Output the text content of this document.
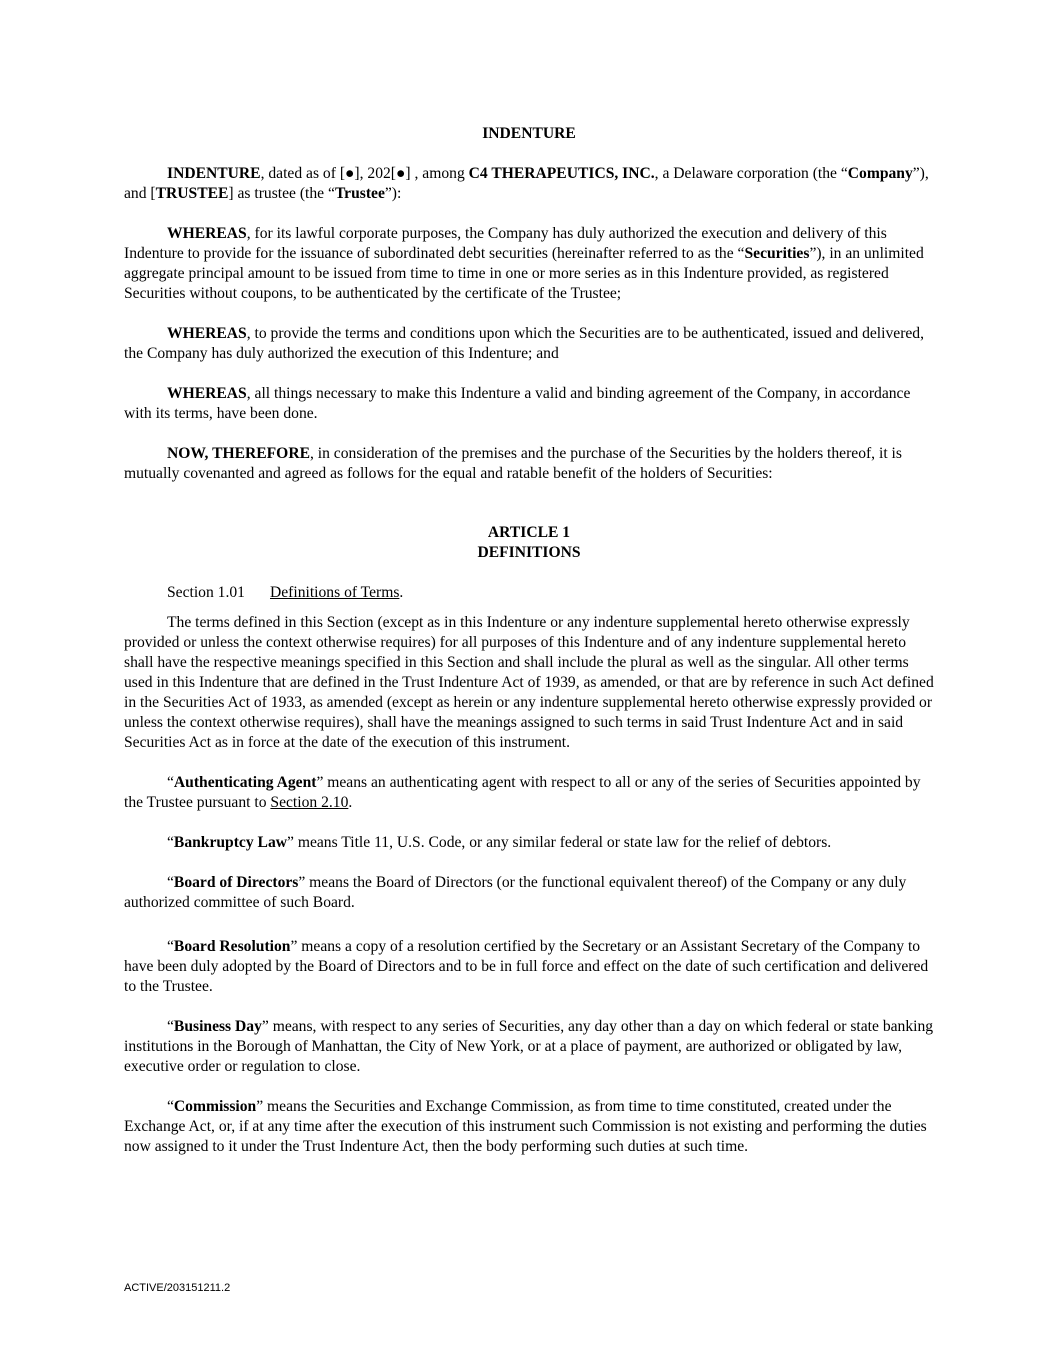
INDENTURE

INDENTURE, dated as of [●], 202[●] , among C4 THERAPEUTICS, INC., a Delaware corporation (the “Company”), and [TRUSTEE] as trustee (the “Trustee”):

WHEREAS, for its lawful corporate purposes, the Company has duly authorized the execution and delivery of this Indenture to provide for the issuance of subordinated debt securities (hereinafter referred to as the “Securities”), in an unlimited aggregate principal amount to be issued from time to time in one or more series as in this Indenture provided, as registered Securities without coupons, to be authenticated by the certificate of the Trustee;

WHEREAS, to provide the terms and conditions upon which the Securities are to be authenticated, issued and delivered, the Company has duly authorized the execution of this Indenture; and

WHEREAS, all things necessary to make this Indenture a valid and binding agreement of the Company, in accordance with its terms, have been done.

NOW, THEREFORE, in consideration of the premises and the purchase of the Securities by the holders thereof, it is mutually covenanted and agreed as follows for the equal and ratable benefit of the holders of Securities:

ARTICLE 1

DEFINITIONS

Section 1.01 Definitions of Terms.

The terms defined in this Section (except as in this Indenture or any indenture supplemental hereto otherwise expressly provided or unless the context otherwise requires) for all purposes of this Indenture and of any indenture supplemental hereto shall have the respective meanings specified in this Section and shall include the plural as well as the singular. All other terms used in this Indenture that are defined in the Trust Indenture Act of 1939, as amended, or that are by reference in such Act defined in the Securities Act of 1933, as amended (except as herein or any indenture supplemental hereto otherwise expressly provided or unless the context otherwise requires), shall have the meanings assigned to such terms in said Trust Indenture Act and in said Securities Act as in force at the date of the execution of this instrument.

“Authenticating Agent” means an authenticating agent with respect to all or any of the series of Securities appointed by the Trustee pursuant to Section 2.10.

“Bankruptcy Law” means Title 11, U.S. Code, or any similar federal or state law for the relief of debtors.

“Board of Directors” means the Board of Directors (or the functional equivalent thereof) of the Company or any duly authorized committee of such Board.

“Board Resolution” means a copy of a resolution certified by the Secretary or an Assistant Secretary of the Company to have been duly adopted by the Board of Directors and to be in full force and effect on the date of such certification and delivered to the Trustee.

“Business Day” means, with respect to any series of Securities, any day other than a day on which federal or state banking institutions in the Borough of Manhattan, the City of New York, or at a place of payment, are authorized or obligated by law, executive order or regulation to close.

“Commission” means the Securities and Exchange Commission, as from time to time constituted, created under the Exchange Act, or, if at any time after the execution of this instrument such Commission is not existing and performing the duties now assigned to it under the Trust Indenture Act, then the body performing such duties at such time.

ACTIVE/203151211.2
